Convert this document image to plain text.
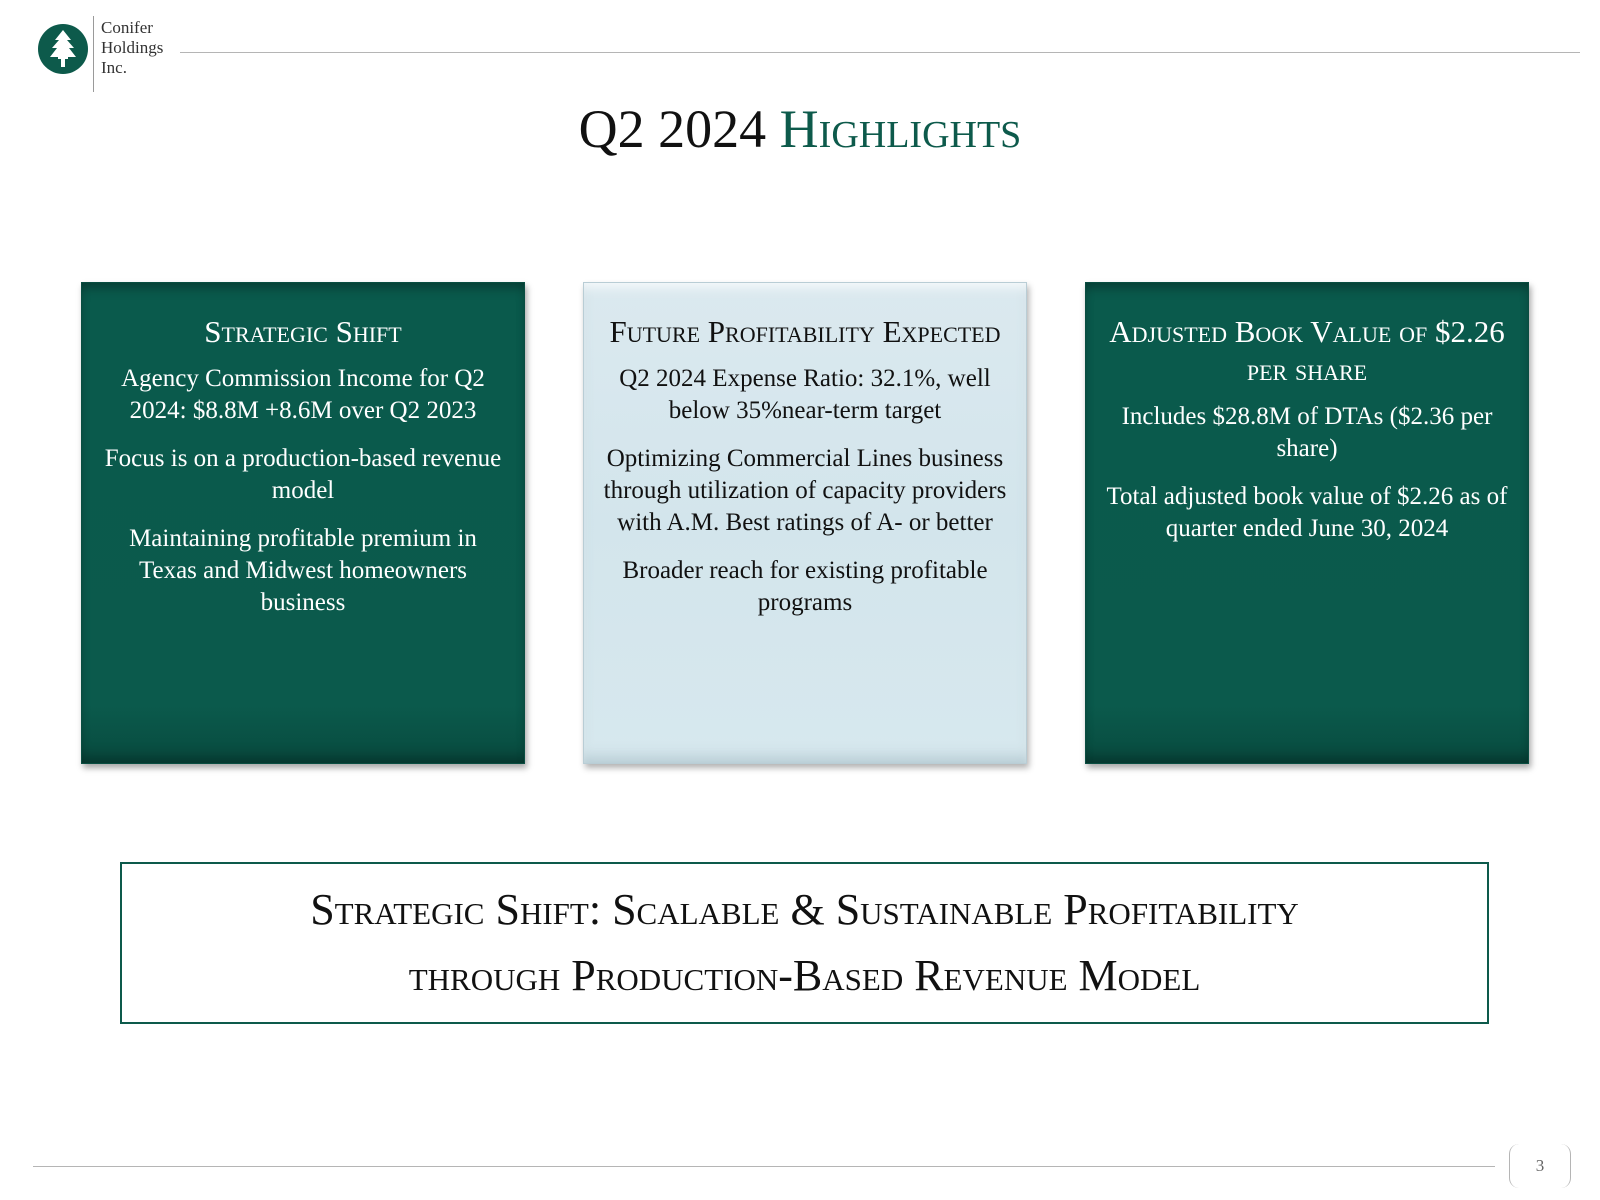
Conifer
Holdings
Inc.
Q2 2024 Highlights
Strategic Shift

Agency Commission Income for Q2 2024: $8.8M +8.6M over Q2 2023

Focus is on a production-based revenue model

Maintaining profitable premium in Texas and Midwest homeowners business

Future Profitability Expected

Q2 2024 Expense Ratio: 32.1%, well below 35%near-term target

Optimizing Commercial Lines business through utilization of capacity providers with A.M. Best ratings of A- or better

Broader reach for existing profitable programs

Adjusted Book Value of $2.26 per share

Includes $28.8M of DTAs ($2.36 per share)

Total adjusted book value of $2.26 as of quarter ended June 30, 2024

Strategic Shift: Scalable & Sustainable Profitability
through Production-Based Revenue Model
3
